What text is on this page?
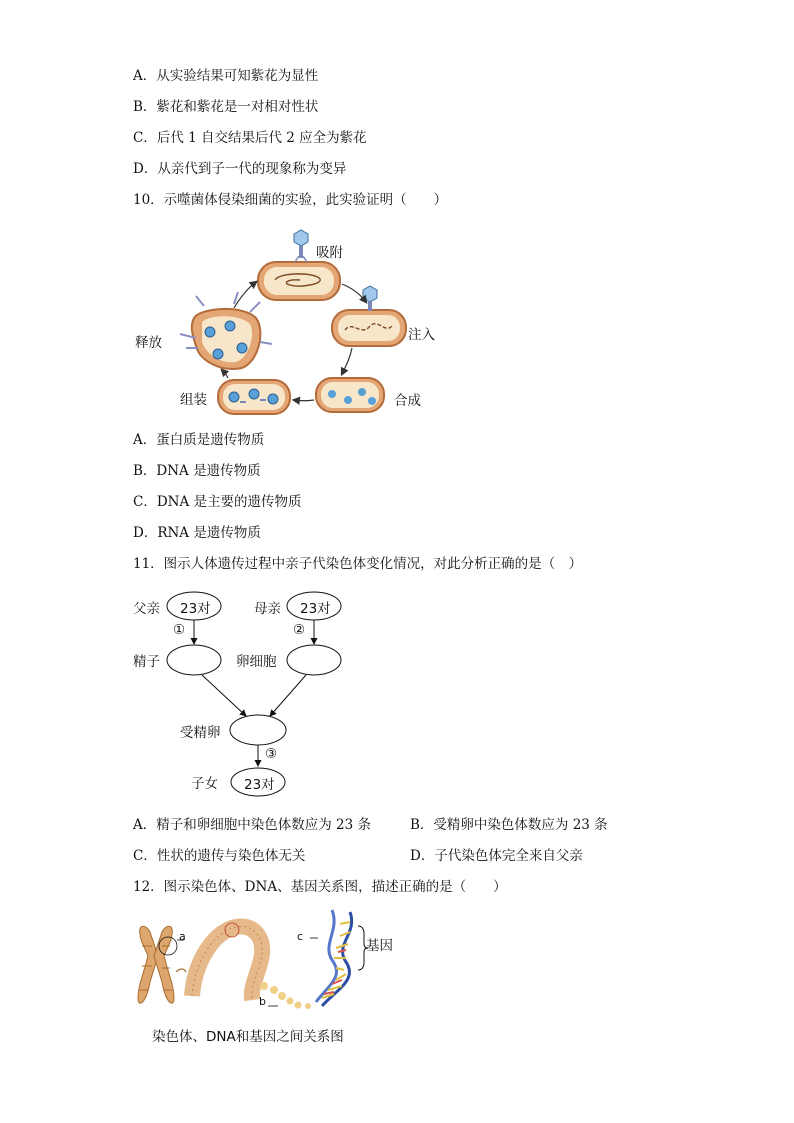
A．从实验结果可知紫花为显性
B．紫花和紫花是一对相对性状
C．后代 1 自交结果后代 2 应全为紫花
D．从亲代到子一代的现象称为变异
10．示噬菌体侵染细菌的实验，此实验证明（　　）
吸附
注入
合成
组装
释放
A．蛋白质是遗传物质
B．DNA 是遗传物质
C．DNA 是主要的遗传物质
D．RNA 是遗传物质
11．图示人体遗传过程中亲子代染色体变化情况，对此分析正确的是（　）
父亲 23对	母亲 23对
①	②
精子	卵细胞
受精卵
③
子女 23对
A．精子和卵细胞中染色体数应为 23 条	B．受精卵中染色体数应为 23 条
C．性状的遗传与染色体无关	D．子代染色体完全来自父亲
12．图示染色体、DNA、基因关系图，描述正确的是（　　）
a
b
c
基因
染色体、DNA和基因之间关系图
